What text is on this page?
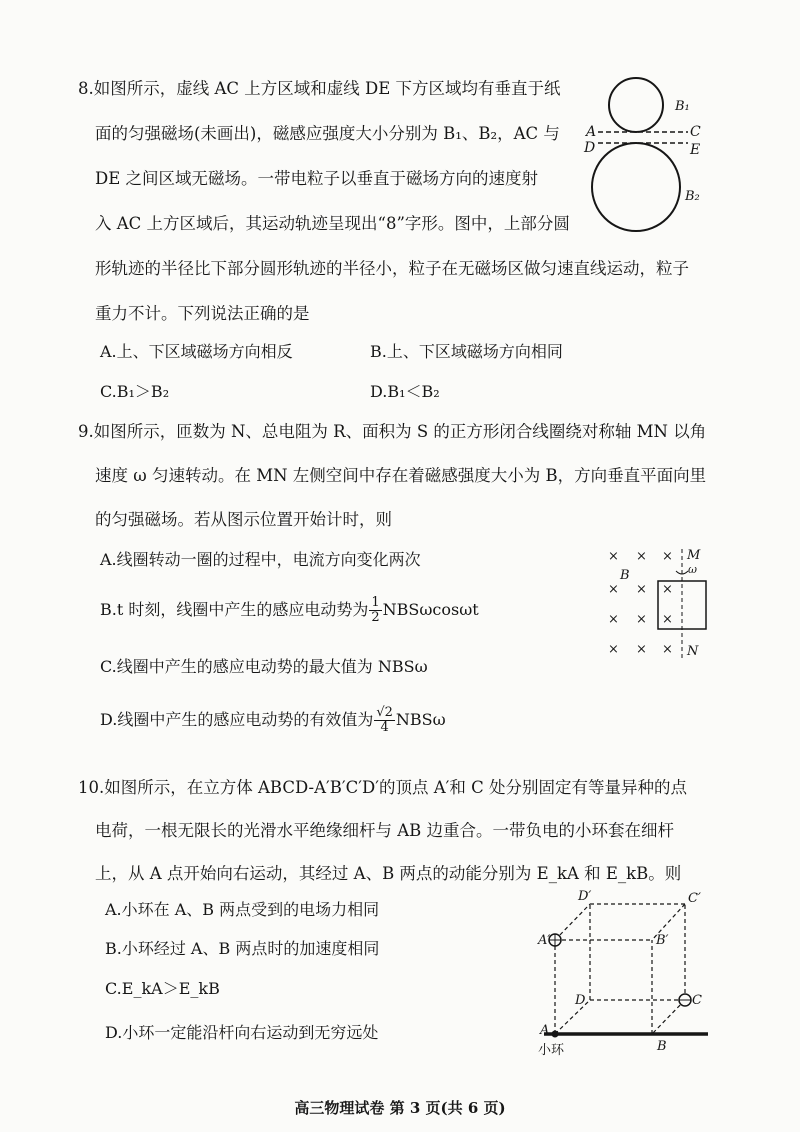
8.如图所示，虚线 AC 上方区域和虚线 DE 下方区域均有垂直于纸
面的匀强磁场(未画出)，磁感应强度大小分别为 B₁、B₂，AC 与
DE 之间区域无磁场。一带电粒子以垂直于磁场方向的速度射
入 AC 上方区域后，其运动轨迹呈现出“8”字形。图中，上部分圆
形轨迹的半径比下部分圆形轨迹的半径小，粒子在无磁场区做匀速直线运动，粒子
重力不计。下列说法正确的是
A.上、下区域磁场方向相反	B.上、下区域磁场方向相同
C.B₁＞B₂	D.B₁＜B₂
A	C
D	E
B₁
B₂
9.如图所示，匝数为 N、总电阻为 R、面积为 S 的正方形闭合线圈绕对称轴 MN 以角
速度 ω 匀速转动。在 MN 左侧空间中存在着磁感强度大小为 B，方向垂直平面向里
的匀强磁场。若从图示位置开始计时，则
A.线圈转动一圈的过程中，电流方向变化两次
B.t 时刻，线圈中产生的感应电动势为 $\frac{1}{2}$ NBSωcosωt
C.线圈中产生的感应电动势的最大值为 NBSω
D.线圈中产生的感应电动势的有效值为 $\frac{√2}{4}$ NBSω
× × ×
× × ×
× × ×
× × ×
M
N
B	ω
10.如图所示，在立方体 ABCD-A′B′C′D′的顶点 A′和 C 处分别固定有等量异种的点
电荷，一根无限长的光滑水平绝缘细杆与 AB 边重合。一带负电的小环套在细杆
上，从 A 点开始向右运动，其经过 A、B 两点的动能分别为 E_kA 和 E_kB。则
A.小环在 A、B 两点受到的电场力相同
B.小环经过 A、B 两点时的加速度相同
C.E_kA＞E_kB
D.小环一定能沿杆向右运动到无穷远处
A′	B′
C′
D′
A
B
C
D
小环
高三物理试卷 第 3 页(共 6 页)
